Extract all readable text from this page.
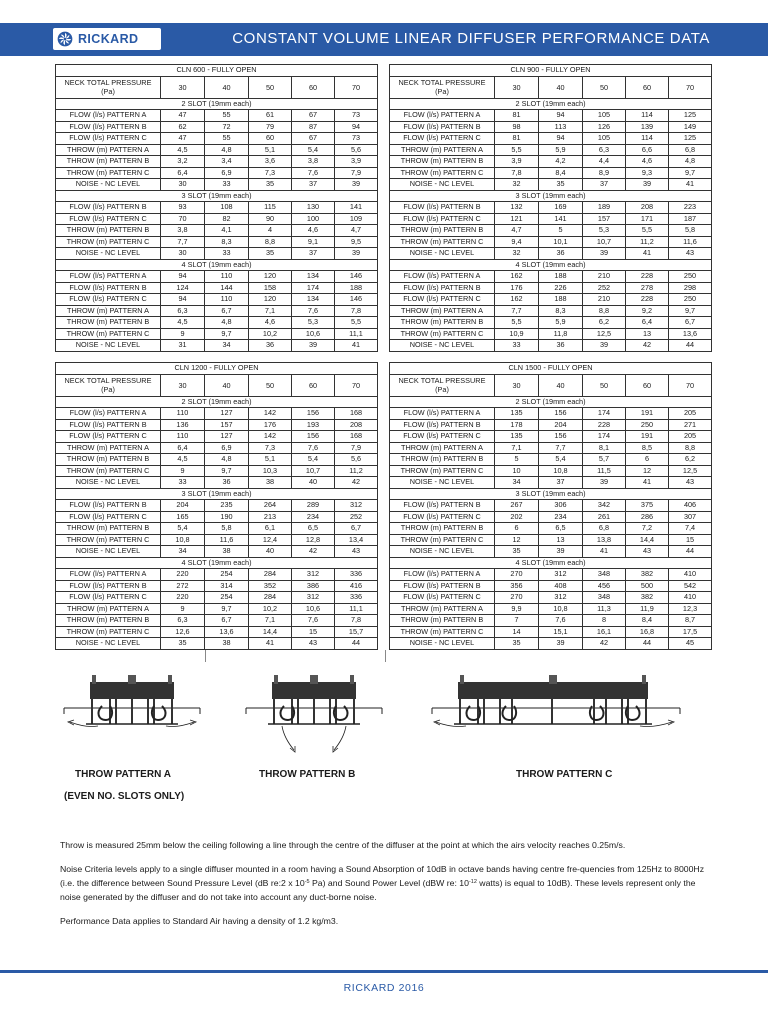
RICKARD	CONSTANT VOLUME LINEAR DIFFUSER PERFORMANCE DATA
CLN 600 - FULLY OPEN					

NECK TOTAL PRESSURE
(Pa)	30	40	50	60	70
2 SLOT (19mm each)					
FLOW (l/s) PATTERN A	47	55	61	67	73
FLOW (l/s) PATTERN B	62	72	79	87	94
FLOW (l/s) PATTERN C	47	55	60	67	73
THROW (m) PATTERN A	4,5	4,8	5,1	5,4	5,6
THROW (m) PATTERN B	3,2	3,4	3,6	3,8	3,9
THROW (m) PATTERN C	6,4	6,9	7,3	7,6	7,9
NOISE - NC LEVEL	30	33	35	37	39
3 SLOT (19mm each)					
FLOW (l/s) PATTERN B	93	108	115	130	141
FLOW (l/s) PATTERN C	70	82	90	100	109
THROW (m) PATTERN B	3,8	4,1	4	4,6	4,7
THROW (m) PATTERN C	7,7	8,3	8,8	9,1	9,5
NOISE - NC LEVEL	30	33	35	37	39
4 SLOT (19mm each)					
FLOW (l/s) PATTERN A	94	110	120	134	146
FLOW (l/s) PATTERN B	124	144	158	174	188
FLOW (l/s) PATTERN C	94	110	120	134	146
THROW (m) PATTERN A	6,3	6,7	7,1	7,6	7,8
THROW (m) PATTERN B	4,5	4,8	4,6	5,3	5,5
THROW (m) PATTERN C	9	9,7	10,2	10,6	11,1
NOISE - NC LEVEL	31	34	36	39	41
CLN 900 - FULLY OPEN					

NECK TOTAL PRESSURE
(Pa)	30	40	50	60	70
2 SLOT (19mm each)					
FLOW (l/s) PATTERN A	81	94	105	114	125
FLOW (l/s) PATTERN B	98	113	126	139	149
FLOW (l/s) PATTERN C	81	94	105	114	125
THROW (m) PATTERN A	5,5	5,9	6,3	6,6	6,8
THROW (m) PATTERN B	3,9	4,2	4,4	4,6	4,8
THROW (m) PATTERN C	7,8	8,4	8,9	9,3	9,7
NOISE - NC LEVEL	32	35	37	39	41
3 SLOT (19mm each)					
FLOW (l/s) PATTERN B	132	169	189	208	223
FLOW (l/s) PATTERN C	121	141	157	171	187
THROW (m) PATTERN B	4,7	5	5,3	5,5	5,8
THROW (m) PATTERN C	9,4	10,1	10,7	11,2	11,6
NOISE - NC LEVEL	32	36	39	41	43
4 SLOT (19mm each)					
FLOW (l/s) PATTERN A	162	188	210	228	250
FLOW (l/s) PATTERN B	176	226	252	278	298
FLOW (l/s) PATTERN C	162	188	210	228	250
THROW (m) PATTERN A	7,7	8,3	8,8	9,2	9,7
THROW (m) PATTERN B	5,5	5,9	6,2	6,4	6,7
THROW (m) PATTERN C	10,9	11,8	12,5	13	13,6
NOISE - NC LEVEL	33	36	39	42	44
CLN 1200 - FULLY OPEN					

NECK TOTAL PRESSURE
(Pa)	30	40	50	60	70
2 SLOT (19mm each)					
FLOW (l/s) PATTERN A	110	127	142	156	168
FLOW (l/s) PATTERN B	136	157	176	193	208
FLOW (l/s) PATTERN C	110	127	142	156	168
THROW (m) PATTERN A	6,4	6,9	7,3	7,6	7,9
THROW (m) PATTERN B	4,5	4,8	5,1	5,4	5,6
THROW (m) PATTERN C	9	9,7	10,3	10,7	11,2
NOISE - NC LEVEL	33	36	38	40	42
3 SLOT (19mm each)					
FLOW (l/s) PATTERN B	204	235	264	289	312
FLOW (l/s) PATTERN C	165	190	213	234	252
THROW (m) PATTERN B	5,4	5,8	6,1	6,5	6,7
THROW (m) PATTERN C	10,8	11,6	12,4	12,8	13,4
NOISE - NC LEVEL	34	38	40	42	43
4 SLOT (19mm each)					
FLOW (l/s) PATTERN A	220	254	284	312	336
FLOW (l/s) PATTERN B	272	314	352	386	416
FLOW (l/s) PATTERN C	220	254	284	312	336
THROW (m) PATTERN A	9	9,7	10,2	10,6	11,1
THROW (m) PATTERN B	6,3	6,7	7,1	7,6	7,8
THROW (m) PATTERN C	12,6	13,6	14,4	15	15,7
NOISE - NC LEVEL	35	38	41	43	44
CLN 1500 - FULLY OPEN					

NECK TOTAL PRESSURE
(Pa)	30	40	50	60	70
2 SLOT (19mm each)					
FLOW (l/s) PATTERN A	135	156	174	191	205
FLOW (l/s) PATTERN B	178	204	228	250	271
FLOW (l/s) PATTERN C	135	156	174	191	205
THROW (m) PATTERN A	7,1	7,7	8,1	8,5	8,8
THROW (m) PATTERN B	5	5,4	5,7	6	6,2
THROW (m) PATTERN C	10	10,8	11,5	12	12,5
NOISE - NC LEVEL	34	37	39	41	43
3 SLOT (19mm each)					
FLOW (l/s) PATTERN B	267	306	342	375	406
FLOW (l/s) PATTERN C	202	234	261	286	307
THROW (m) PATTERN B	6	6,5	6,8	7,2	7,4
THROW (m) PATTERN C	12	13	13,8	14,4	15
NOISE - NC LEVEL	35	39	41	43	44
4 SLOT (19mm each)					
FLOW (l/s) PATTERN A	270	312	348	382	410
FLOW (l/s) PATTERN B	356	408	456	500	542
FLOW (l/s) PATTERN C	270	312	348	382	410
THROW (m) PATTERN A	9,9	10,8	11,3	11,9	12,3
THROW (m) PATTERN B	7	7,6	8	8,4	8,7
THROW (m) PATTERN C	14	15,1	16,1	16,8	17,5
NOISE - NC LEVEL	35	39	42	44	45
THROW PATTERN A
(EVEN NO. SLOTS ONLY)
THROW PATTERN B	THROW PATTERN C

Throw is measured 25mm below the ceiling following a line through the centre of the diffuser at the point at which the airs velocity reaches 0.25m/s.

Noise Criteria levels apply to a single diffuser mounted in a room having a Sound Absorption of 10dB in octave bands having centre fre-quencies from 125Hz to 8000Hz (i.e. the difference between Sound Pressure Level (dB re:2 x $10^{-5}$ Pa) and Sound Power Level (dBW re: $10^{-12}$ watts) is equal to 10dB). These levels represent only the noise generated by the diffuser and do not take into account any duct-borne noise.

Performance Data applies to Standard Air having a density of 1.2 kg/m3.

RICKARD 2016
